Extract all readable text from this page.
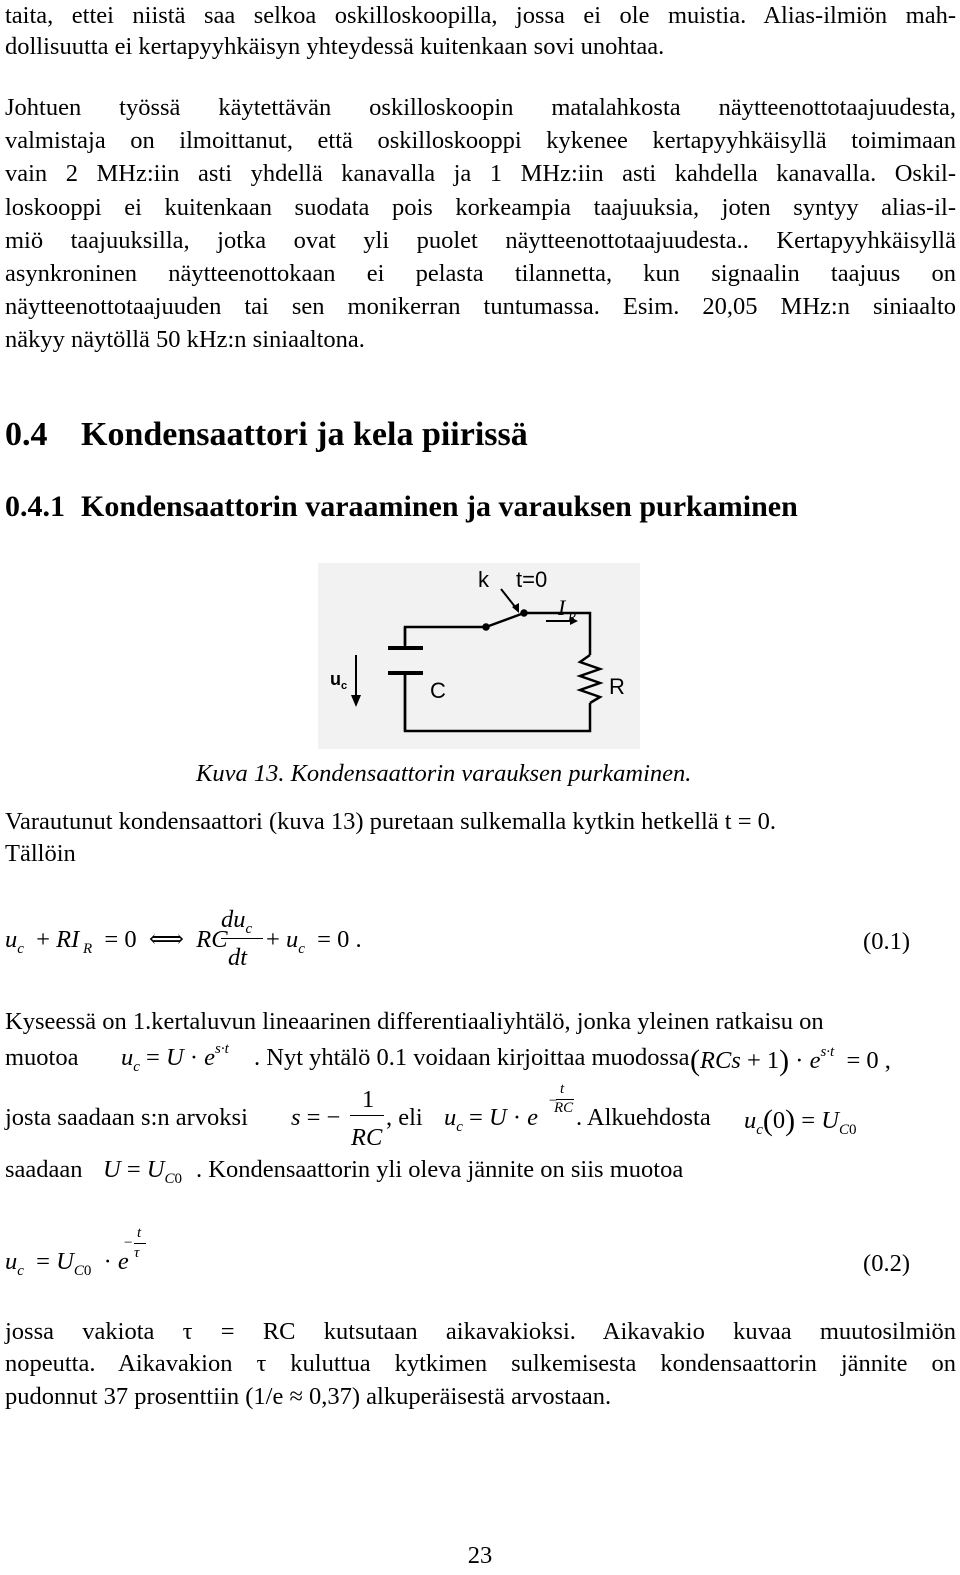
taita, ettei niistä saa selkoa oskilloskoopilla, jossa ei ole muistia. Alias-ilmiön mah-
dollisuutta ei kertapyyhkäisyn yhteydessä kuitenkaan sovi unohtaa.
Johtuen työssä käytettävän oskilloskoopin matalahkosta näytteenottotaajuudesta,
valmistaja on ilmoittanut, että oskilloskooppi kykenee kertapyyhkäisyllä toimimaan
vain 2 MHz:iin asti yhdellä kanavalla ja 1 MHz:iin asti kahdella kanavalla. Oskil-
loskooppi ei kuitenkaan suodata pois korkeampia taajuuksia, joten syntyy alias-il-
miö taajuuksilla, jotka ovat yli puolet näytteenottotaajuudesta.. Kertapyyhkäisyllä
asynkroninen näytteenottokaan ei pelasta tilannetta, kun signaalin taajuus on
näytteenottotaajuuden tai sen monikerran tuntumassa. Esim. 20,05 MHz:n siniaalto
näkyy näytöllä 50 kHz:n siniaaltona.
0.4 Kondensaattori ja kela piirissä
0.4.1 Kondensaattorin varaaminen ja varauksen purkaminen
k t=0
I R
u c	C	R
Kuva 13. Kondensaattorin varauksen purkaminen.
Varautunut kondensaattori (kuva 13) puretaan sulkemalla kytkin hetkellä t = 0.
Tällöin
$u_c$  + RI $_R$  = 0  ⟺  RC
$du_c$
dt
+ $u_c = 0$ .	(0.1)
Kyseessä on 1.kertaluvun lineaarinen differentiaaliyhtälö, jonka yleinen ratkaisu on
muotoa $u_c = U \cdot e^{s\cdot t}$ . Nyt yhtälö 0.1 voidaan kirjoittaa muodossa $(RCs + 1) \cdot e^{s\cdot t} = 0$ ,
josta saadaan s:n arvoksi s = −
1
RC
, eli $u_c = U \cdot e$
−
t
RC . Alkuehdosta $u_c(0) = U_{C0}$
saadaan $U = U_{C0}$ . Kondensaattorin yli oleva jännite on siis muotoa
$u_c = U_{C0} \cdot e$
−
t
τ	(0.2)
jossa vakiota τ = RC kutsutaan aikavakioksi. Aikavakio kuvaa muutosilmiön
nopeutta. Aikavakion τ kuluttua kytkimen sulkemisesta kondensaattorin jännite on
pudonnut 37 prosenttiin (1/e ≈ 0,37) alkuperäisestä arvostaan.
23
